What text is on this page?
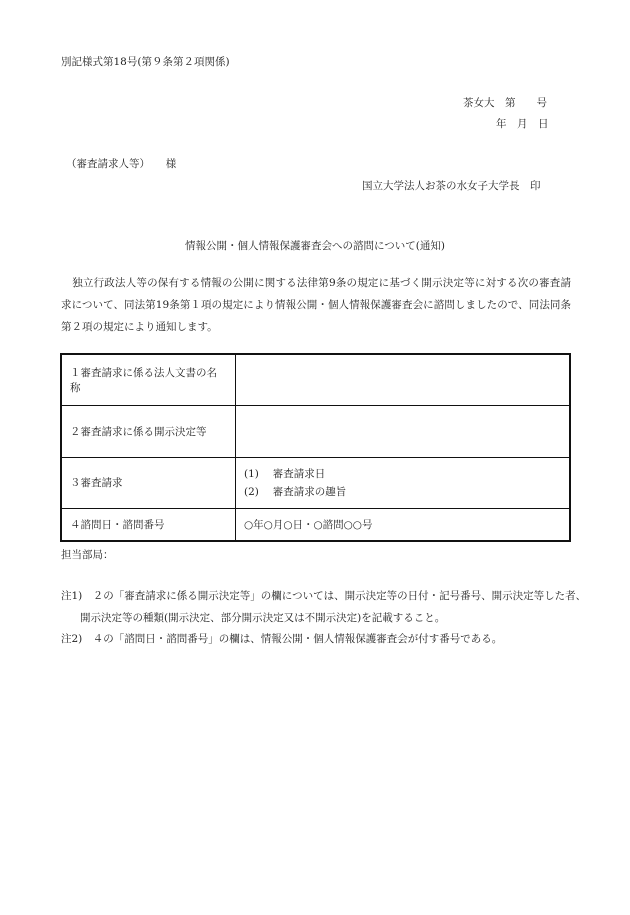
別記様式第18号(第９条第２項関係)
茶女大　第　　号
年　月　日
（審査請求人等）　　様
国立大学法人お茶の水女子大学長　印
情報公開・個人情報保護審査会への諮問について(通知)
独立行政法人等の保有する情報の公開に関する法律第9条の規定に基づく開示決定等に対する次の審査請求について、同法第19条第１項の規定により情報公開・個人情報保護審査会に諮問しましたので、同法同条第２項の規定により通知します。
１審査請求に係る法人文書の名称	
２審査請求に係る開示決定等	
３審査請求	(1)　 審査請求日
(2)　 審査請求の趣旨

４諮問日・諮問番号	○年○月○日・○諮問○○号
担当部局：
注1)　２の「審査請求に係る開示決定等」の欄については、開示決定等の日付・記号番号、開示決定等した者、
開示決定等の種類(開示決定、部分開示決定又は不開示決定)を記載すること。
注2)　４の「諮問日・諮問番号」の欄は、情報公開・個人情報保護審査会が付す番号である。
